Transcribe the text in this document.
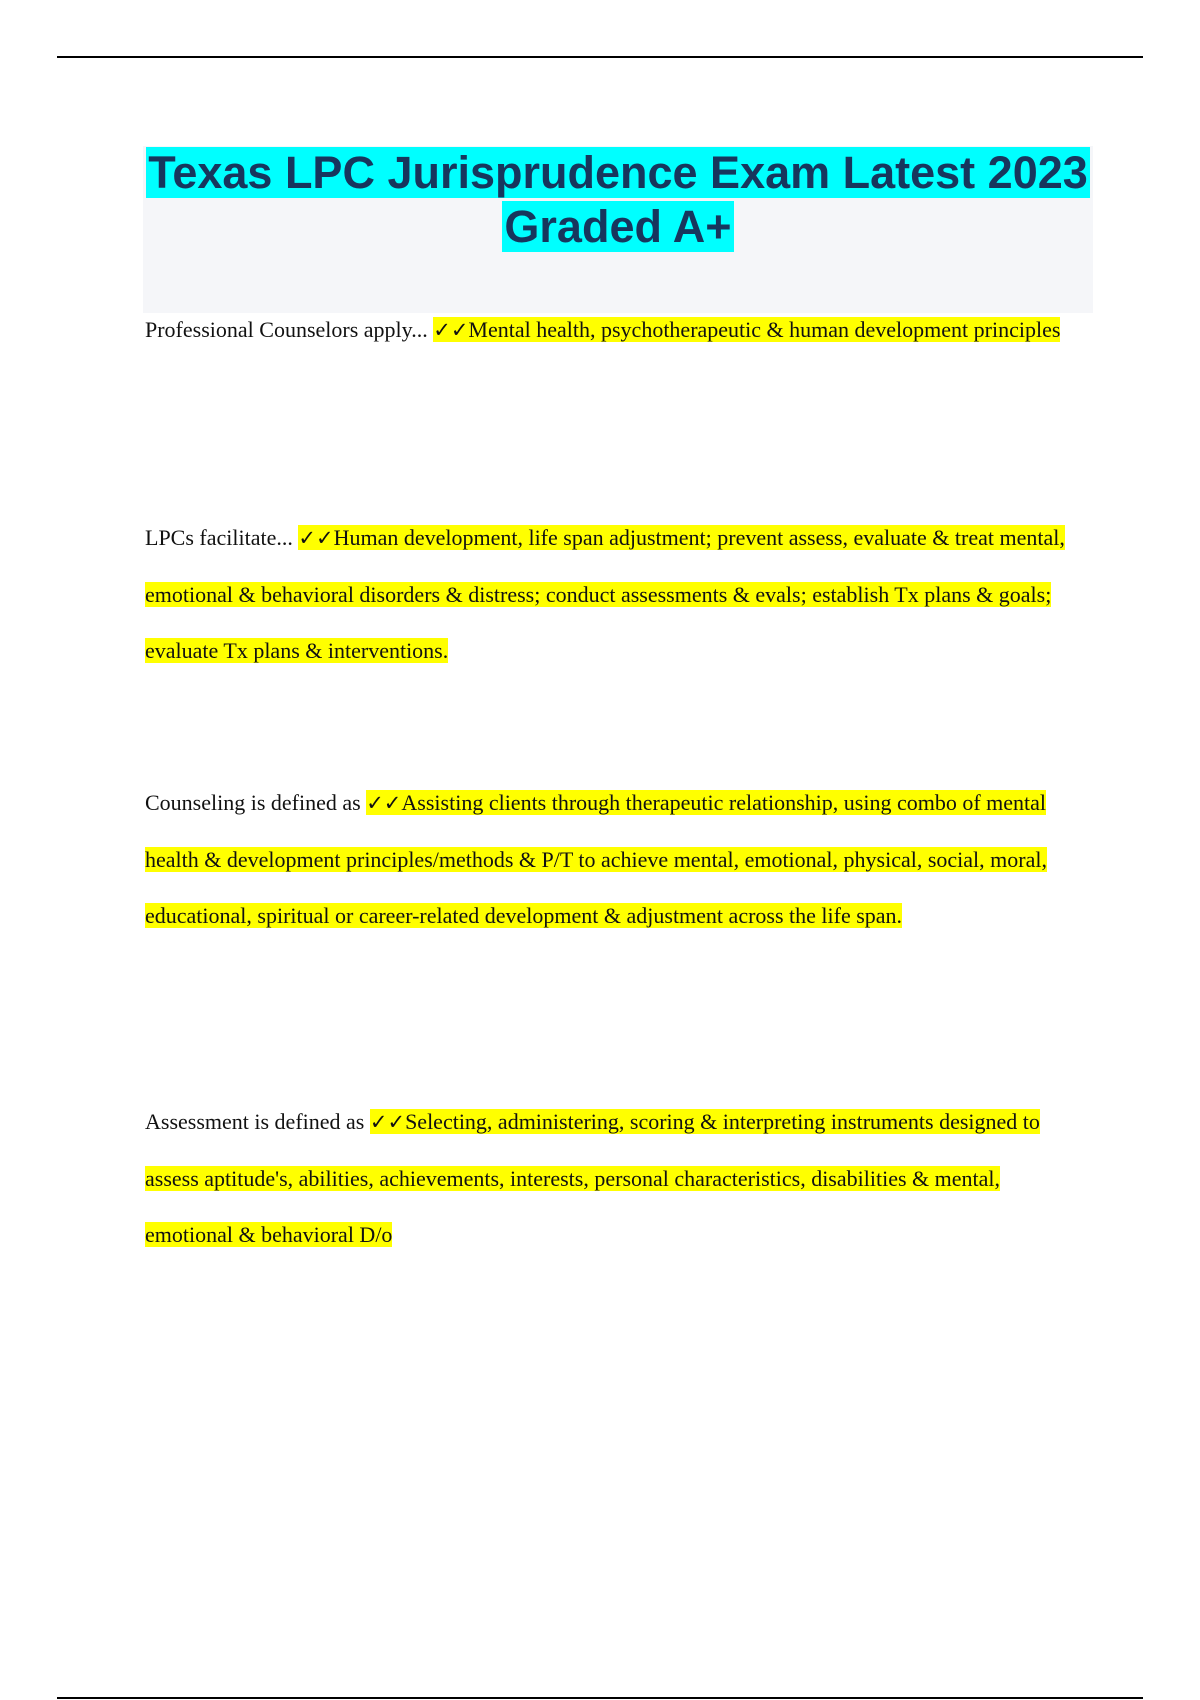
Texas LPC Jurisprudence Exam Latest 2023 Graded A+
Professional Counselors apply... ✓✓Mental health, psychotherapeutic & human development principles
LPCs facilitate... ✓✓Human development, life span adjustment; prevent assess, evaluate & treat mental, emotional & behavioral disorders & distress; conduct assessments & evals; establish Tx plans & goals; evaluate Tx plans & interventions.
Counseling is defined as ✓✓Assisting clients through therapeutic relationship, using combo of mental health & development principles/methods & P/T to achieve mental, emotional, physical, social, moral, educational, spiritual or career-related development & adjustment across the life span.
Assessment is defined as ✓✓Selecting, administering, scoring & interpreting instruments designed to assess aptitude's, abilities, achievements, interests, personal characteristics, disabilities & mental, emotional & behavioral D/o
